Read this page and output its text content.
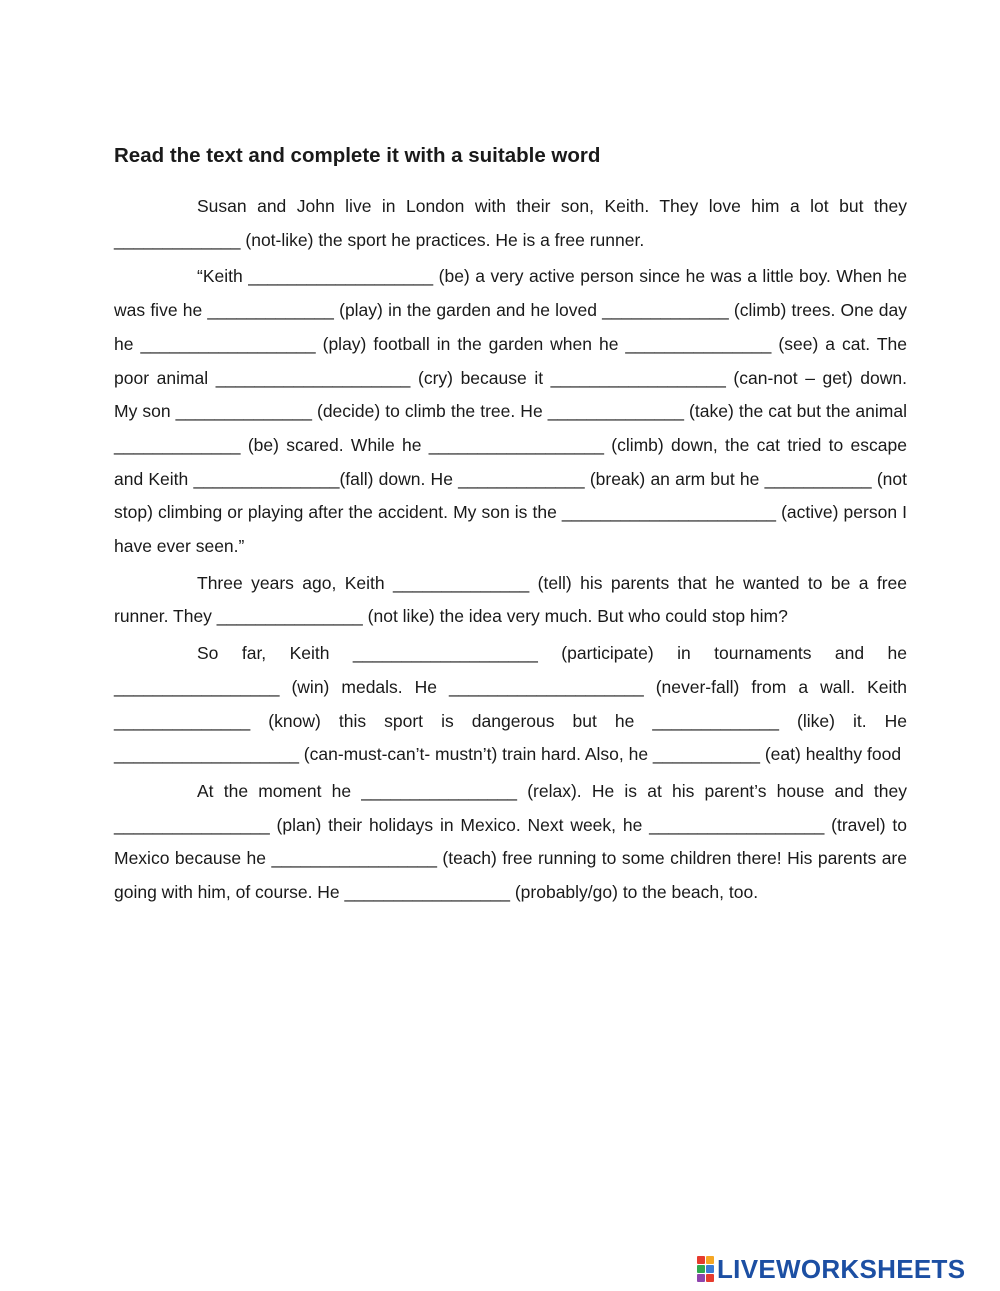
Read the text and complete it with a suitable word

Susan and John live in London with their son, Keith. They love him a lot but they _____________ (not-like) the sport he practices. He is a free runner.

“Keith ___________________ (be) a very active person since he was a little boy. When he was five he _____________ (play) in the garden and he loved _____________ (climb) trees. One day he __________________ (play) football in the garden when he _______________ (see) a cat. The poor animal ____________________ (cry) because it __________________ (can-not – get) down. My son ______________ (decide) to climb the tree. He ______________ (take) the cat but the animal _____________ (be) scared. While he __________________ (climb) down, the cat tried to escape and Keith _______________(fall) down. He _____________ (break) an arm but he ___________ (not stop) climbing or playing after the accident. My son is the ______________________ (active) person I have ever seen.”

Three years ago, Keith ______________ (tell) his parents that he wanted to be a free runner. They _______________ (not like) the idea very much. But who could stop him?

So far, Keith ___________________ (participate) in tournaments and he _________________ (win) medals. He ____________________ (never-fall) from a wall. Keith ______________ (know) this sport is dangerous but he _____________ (like) it. He ___________________ (can-must-can’t- mustn’t) train hard. Also, he ___________ (eat) healthy food

At the moment he ________________ (relax). He is at his parent’s house and they ________________ (plan) their holidays in Mexico. Next week, he __________________ (travel) to Mexico because he _________________ (teach) free running to some children there! His parents are going with him, of course. He _________________ (probably/go) to the beach, too.

LIVEWORKSHEETS
